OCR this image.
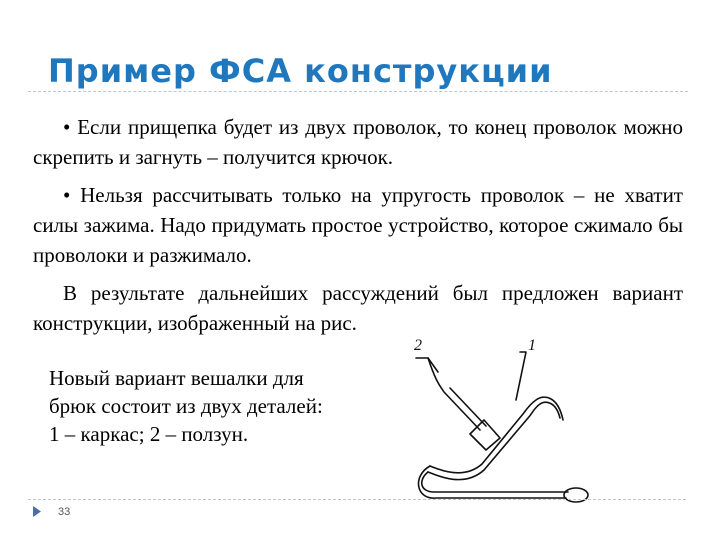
Пример ФСА конструкции

• Если прищепка будет из двух проволок, то конец проволок можно скрепить и загнуть – получится крючок.

• Нельзя рассчитывать только на упругость проволок – не хватит силы зажима. Надо придумать простое устройство, которое сжимало бы проволоки и разжимало.

В результате дальнейших рассуждений был предложен вариант конструкции, изображенный на рис.

Новый вариант вешалки для
брюк состоит из двух деталей:
1 – каркас; 2 – ползун.
2	1
33
